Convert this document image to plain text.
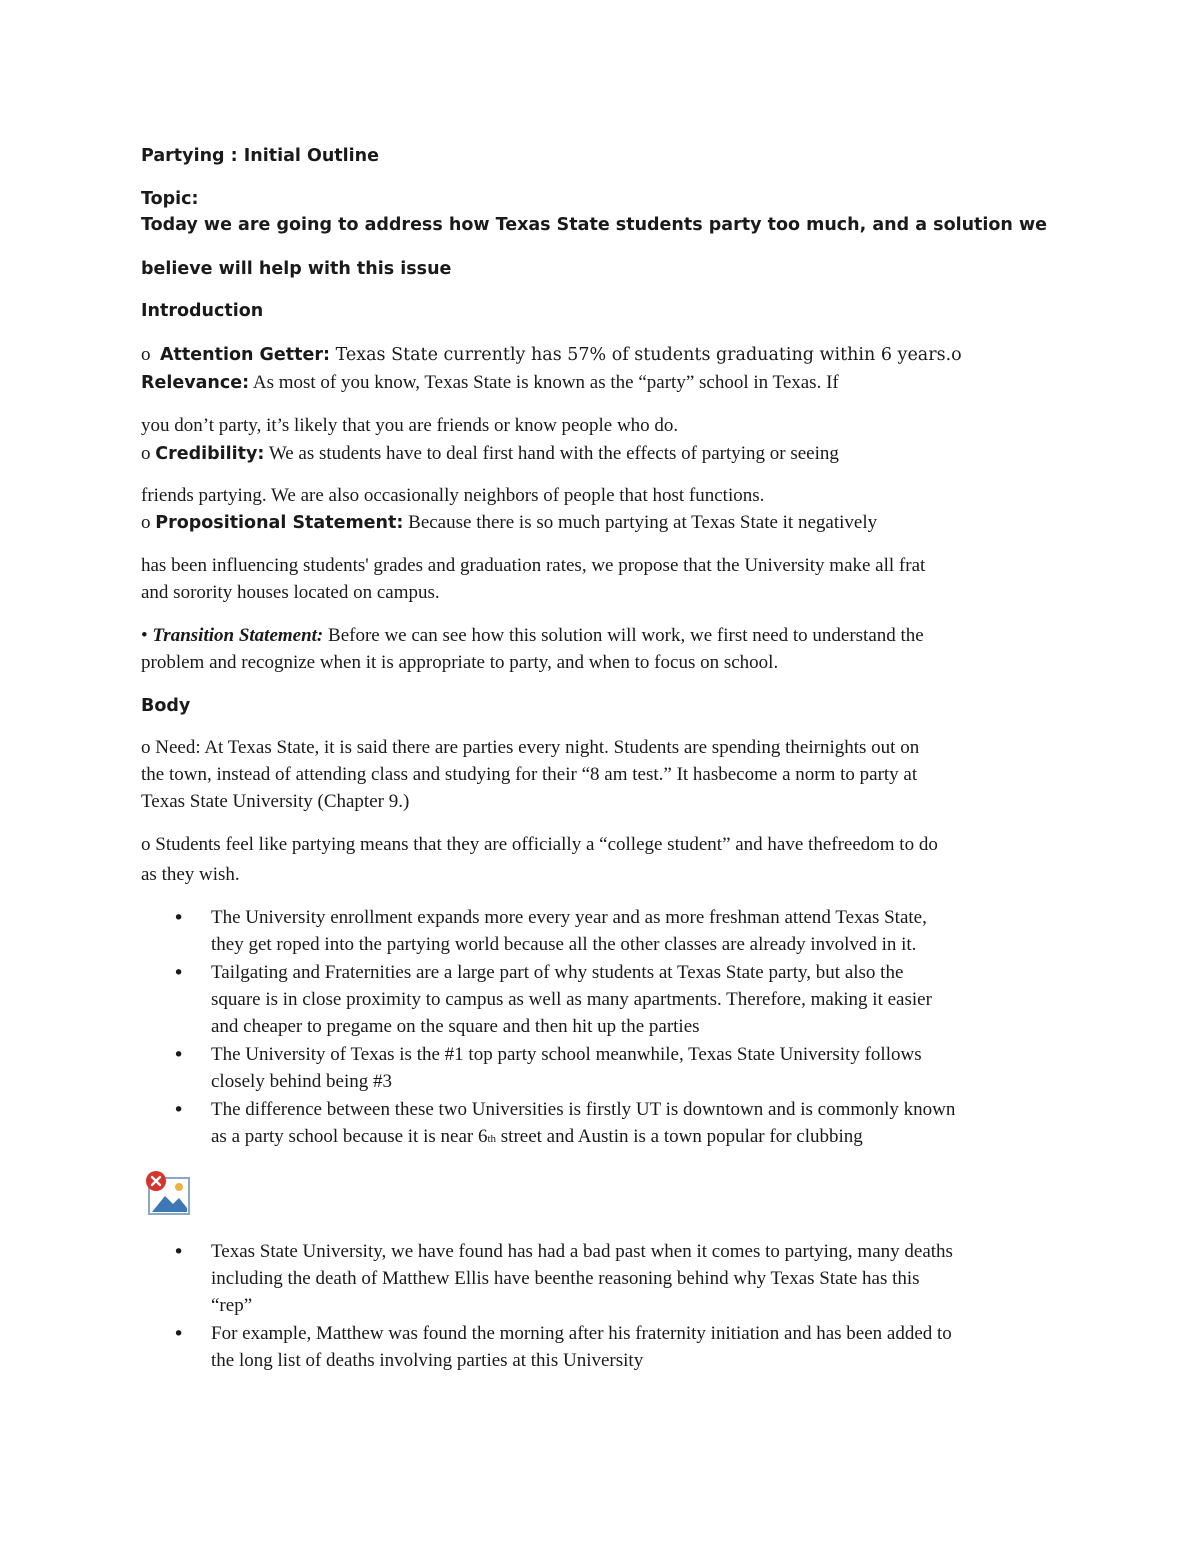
Partying : Initial Outline
Topic:
Today we are going to address how Texas State students party too much, and a solution we
believe will help with this issue
Introduction
o Attention Getter: Texas State currently has 57% of students graduating within 6 years.o
Relevance: As most of you know, Texas State is known as the “party” school in Texas. If
you don’t party, it’s likely that you are friends or know people who do.
o Credibility: We as students have to deal first hand with the effects of partying or seeing
friends partying. We are also occasionally neighbors of people that host functions.
o Propositional Statement: Because there is so much partying at Texas State it negatively
has been influencing students' grades and graduation rates, we propose that the University make all frat
and sorority houses located on campus.
• Transition Statement: Before we can see how this solution will work, we first need to understand the
problem and recognize when it is appropriate to party, and when to focus on school.
Body
o Need: At Texas State, it is said there are parties every night. Students are spending theirnights out on
the town, instead of attending class and studying for their “8 am test.” It hasbecome a norm to party at
Texas State University (Chapter 9.)
o Students feel like partying means that they are officially a “college student” and have thefreedom to do
as they wish.
• The University enrollment expands more every year and as more freshman attend Texas State,
they get roped into the partying world because all the other classes are already involved in it.
• Tailgating and Fraternities are a large part of why students at Texas State party, but also the
square is in close proximity to campus as well as many apartments. Therefore, making it easier
and cheaper to pregame on the square and then hit up the parties
• The University of Texas is the #1 top party school meanwhile, Texas State University follows
closely behind being #3
• The difference between these two Universities is firstly UT is downtown and is commonly known
as a party school because it is near 6th street and Austin is a town popular for clubbing
• Texas State University, we have found has had a bad past when it comes to partying, many deaths
including the death of Matthew Ellis have beenthe reasoning behind why Texas State has this
“rep”
• For example, Matthew was found the morning after his fraternity initiation and has been added to
the long list of deaths involving parties at this University
